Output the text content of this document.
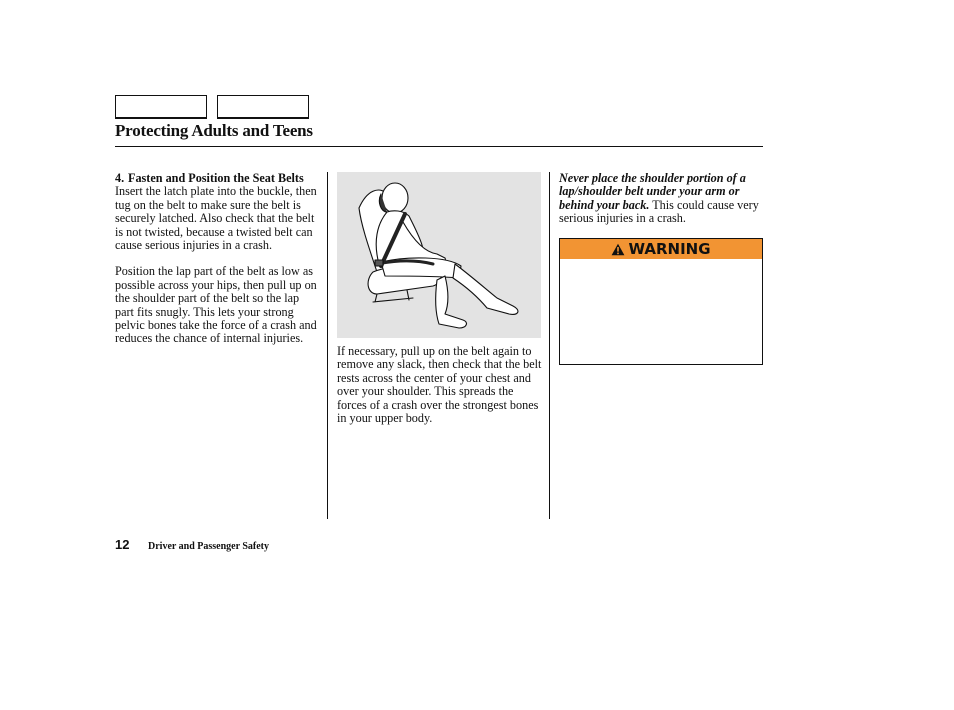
Protecting Adults and Teens
4. Fasten and Position the Seat Belts

Insert the latch plate into the buckle, then tug on the belt to make sure the belt is securely latched. Also check that the belt is not twisted, because a twisted belt can cause serious injuries in a crash.

Position the lap part of the belt as low as possible across your hips, then pull up on the shoulder part of the belt so the lap part fits snugly. This lets your strong pelvic bones take the force of a crash and reduces the chance of internal injuries.

If necessary, pull up on the belt again to remove any slack, then check that the belt rests across the center of your chest and over your shoulder. This spreads the forces of a crash over the strongest bones in your upper body.

Never place the shoulder portion of a lap/shoulder belt under your arm or behind your back. This could cause very serious injuries in a crash.

WARNING
12 Driver and Passenger Safety
